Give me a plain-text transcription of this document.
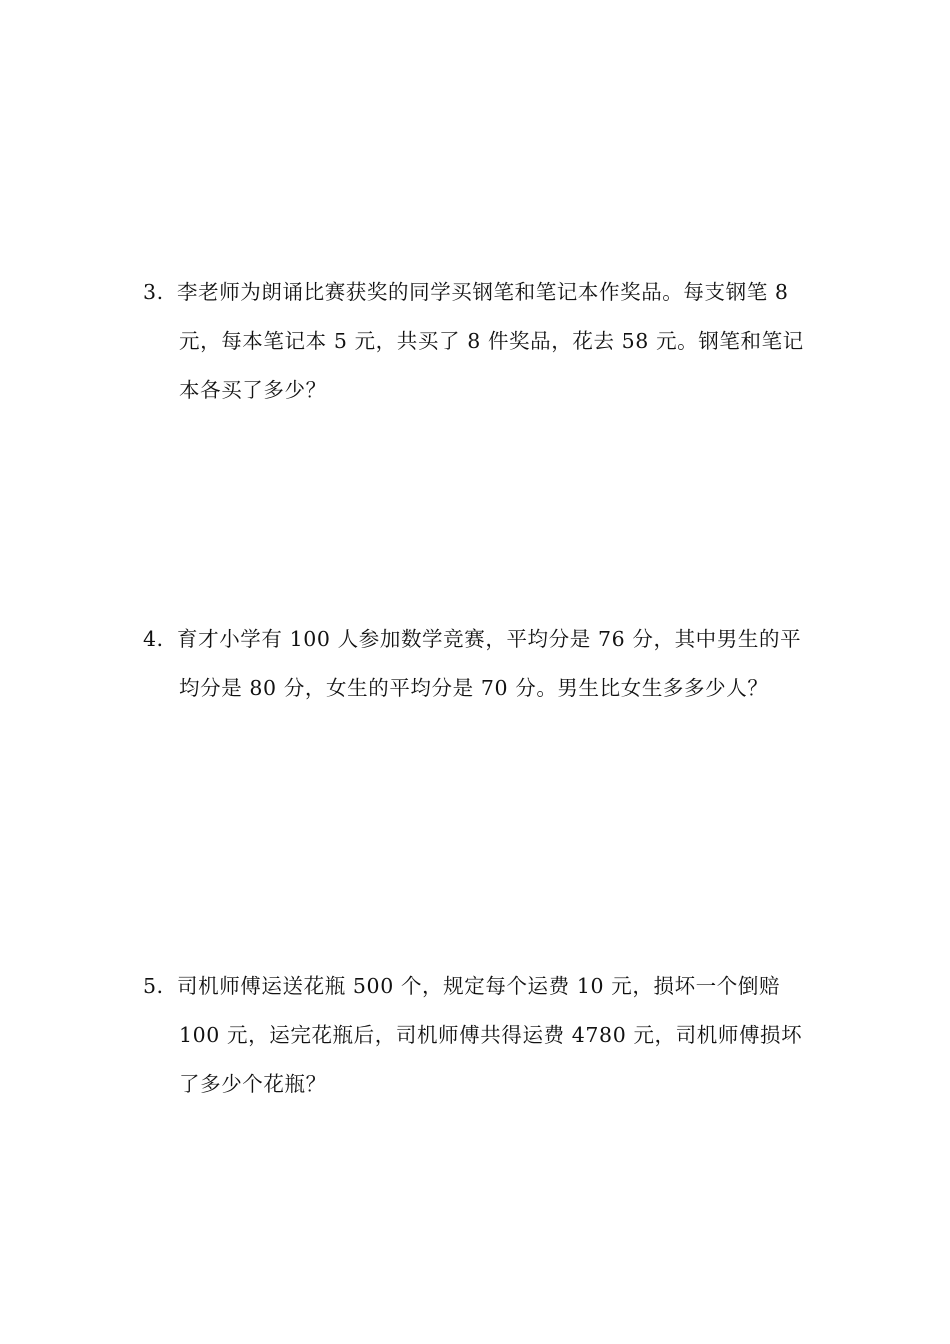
3. 李老师为朗诵比赛获奖的同学买钢笔和笔记本作奖品。每支钢笔 8
元，每本笔记本 5 元，共买了 8 件奖品，花去 58 元。钢笔和笔记
本各买了多少？
4． 育才小学有 100 人参加数学竞赛，平均分是 76 分，其中男生的平
均分是 80 分，女生的平均分是 70 分。男生比女生多多少人？
5． 司机师傅运送花瓶 500 个，规定每个运费 10 元，损坏一个倒赔
100 元，运完花瓶后，司机师傅共得运费 4780 元，司机师傅损坏
了多少个花瓶？
